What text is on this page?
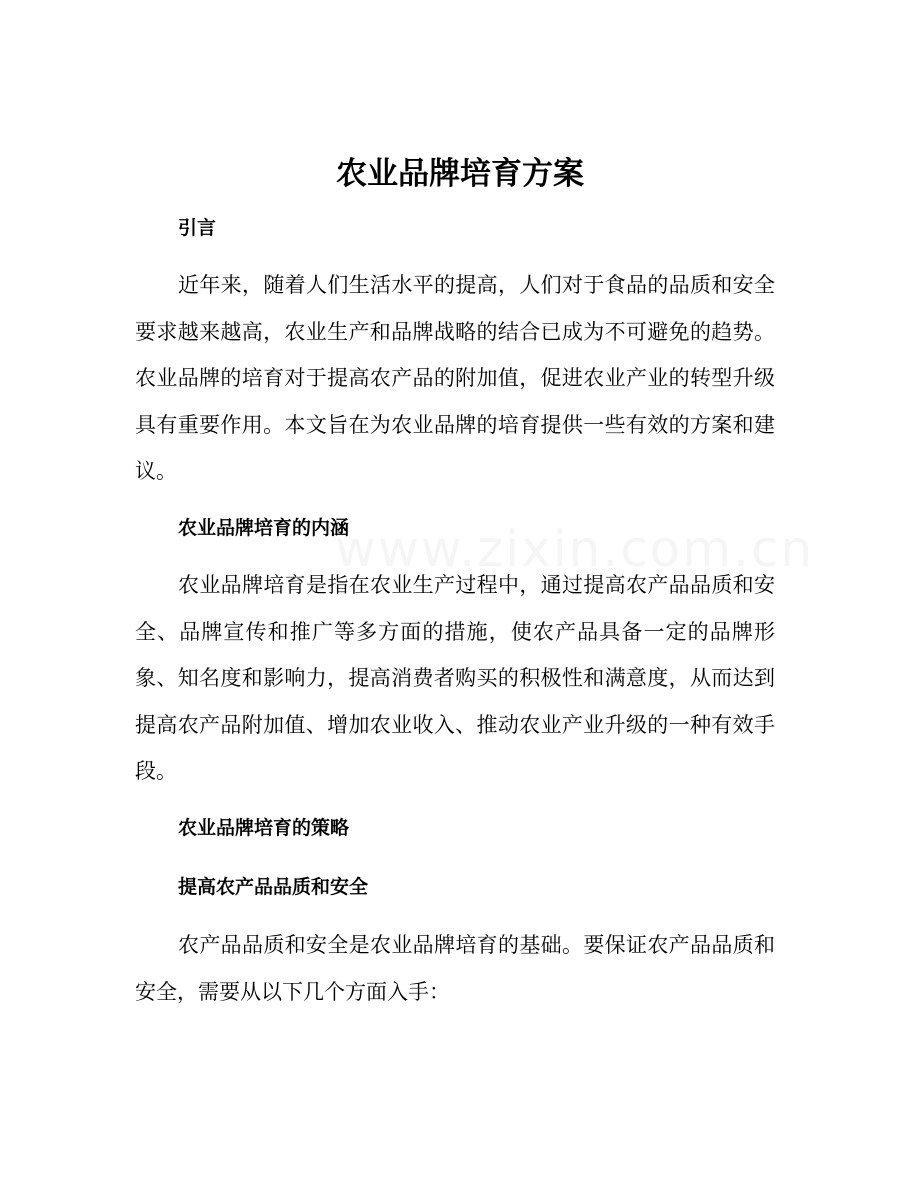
农业品牌培育方案
引言

近年来，随着人们生活水平的提高，人们对于食品的品质和安全要求越来越高，农业生产和品牌战略的结合已成为不可避免的趋势。农业品牌的培育对于提高农产品的附加值，促进农业产业的转型升级具有重要作用。本文旨在为农业品牌的培育提供一些有效的方案和建议。

农业品牌培育的内涵

农业品牌培育是指在农业生产过程中，通过提高农产品品质和安全、品牌宣传和推广等多方面的措施，使农产品具备一定的品牌形象、知名度和影响力，提高消费者购买的积极性和满意度，从而达到提高农产品附加值、增加农业收入、推动农业产业升级的一种有效手段。

农业品牌培育的策略
提高农产品品质和安全

农产品品质和安全是农业品牌培育的基础。要保证农产品品质和安全，需要从以下几个方面入手：
